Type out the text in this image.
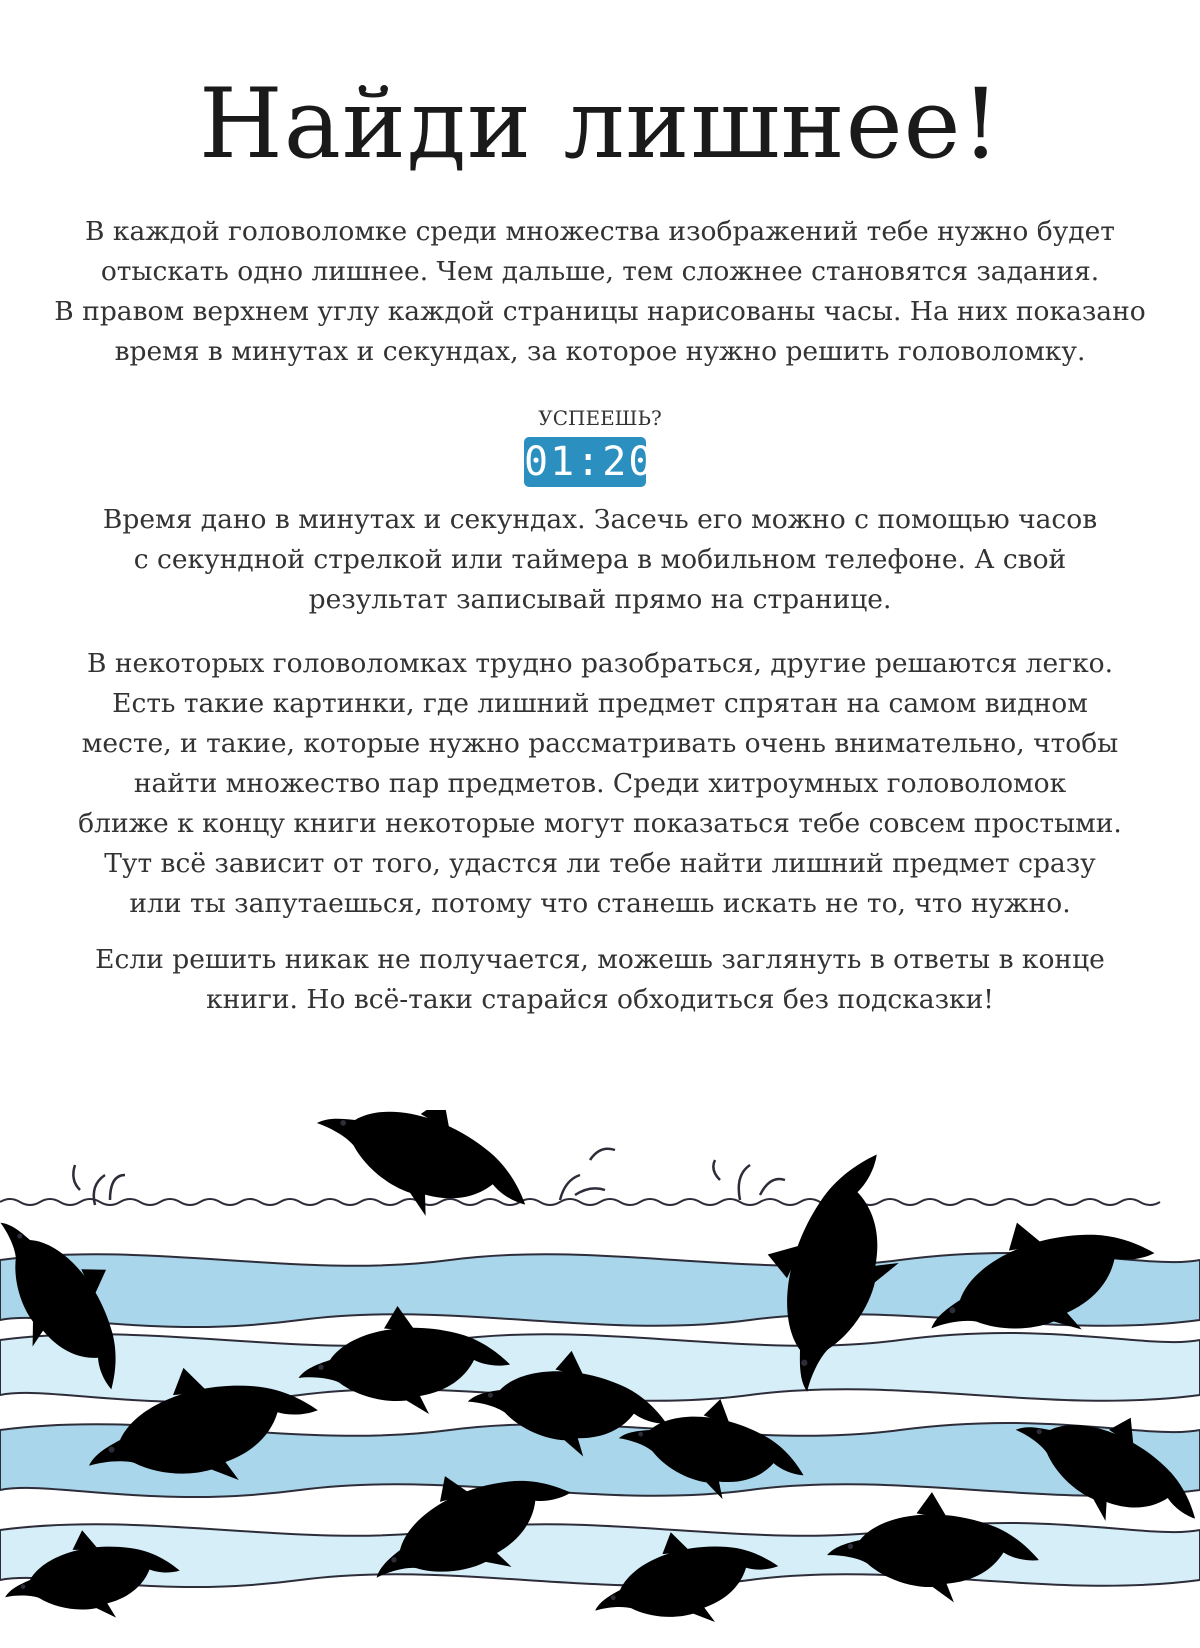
Найди лишнее!
В каждой головоломке среди множества изображений тебе нужно будет
отыскать одно лишнее. Чем дальше, тем сложнее становятся задания.
В правом верхнем углу каждой страницы нарисованы часы. На них показано
время в минутах и секундах, за которое нужно решить головоломку.
УСПЕЕШЬ?
01:20
Время дано в минутах и секундах. Засечь его можно с помощью часов
с секундной стрелкой или таймера в мобильном телефоне. А свой
результат записывай прямо на странице.
В некоторых головоломках трудно разобраться, другие решаются легко.
Есть такие картинки, где лишний предмет спрятан на самом видном
месте, и такие, которые нужно рассматривать очень внимательно, чтобы
найти множество пар предметов. Среди хитроумных головоломок
ближе к концу книги некоторые могут показаться тебе совсем простыми.
Тут всё зависит от того, удастся ли тебе найти лишний предмет сразу
или ты запутаешься, потому что станешь искать не то, что нужно.
Если решить никак не получается, можешь заглянуть в ответы в конце
книги. Но всё-таки старайся обходиться без подсказки!
